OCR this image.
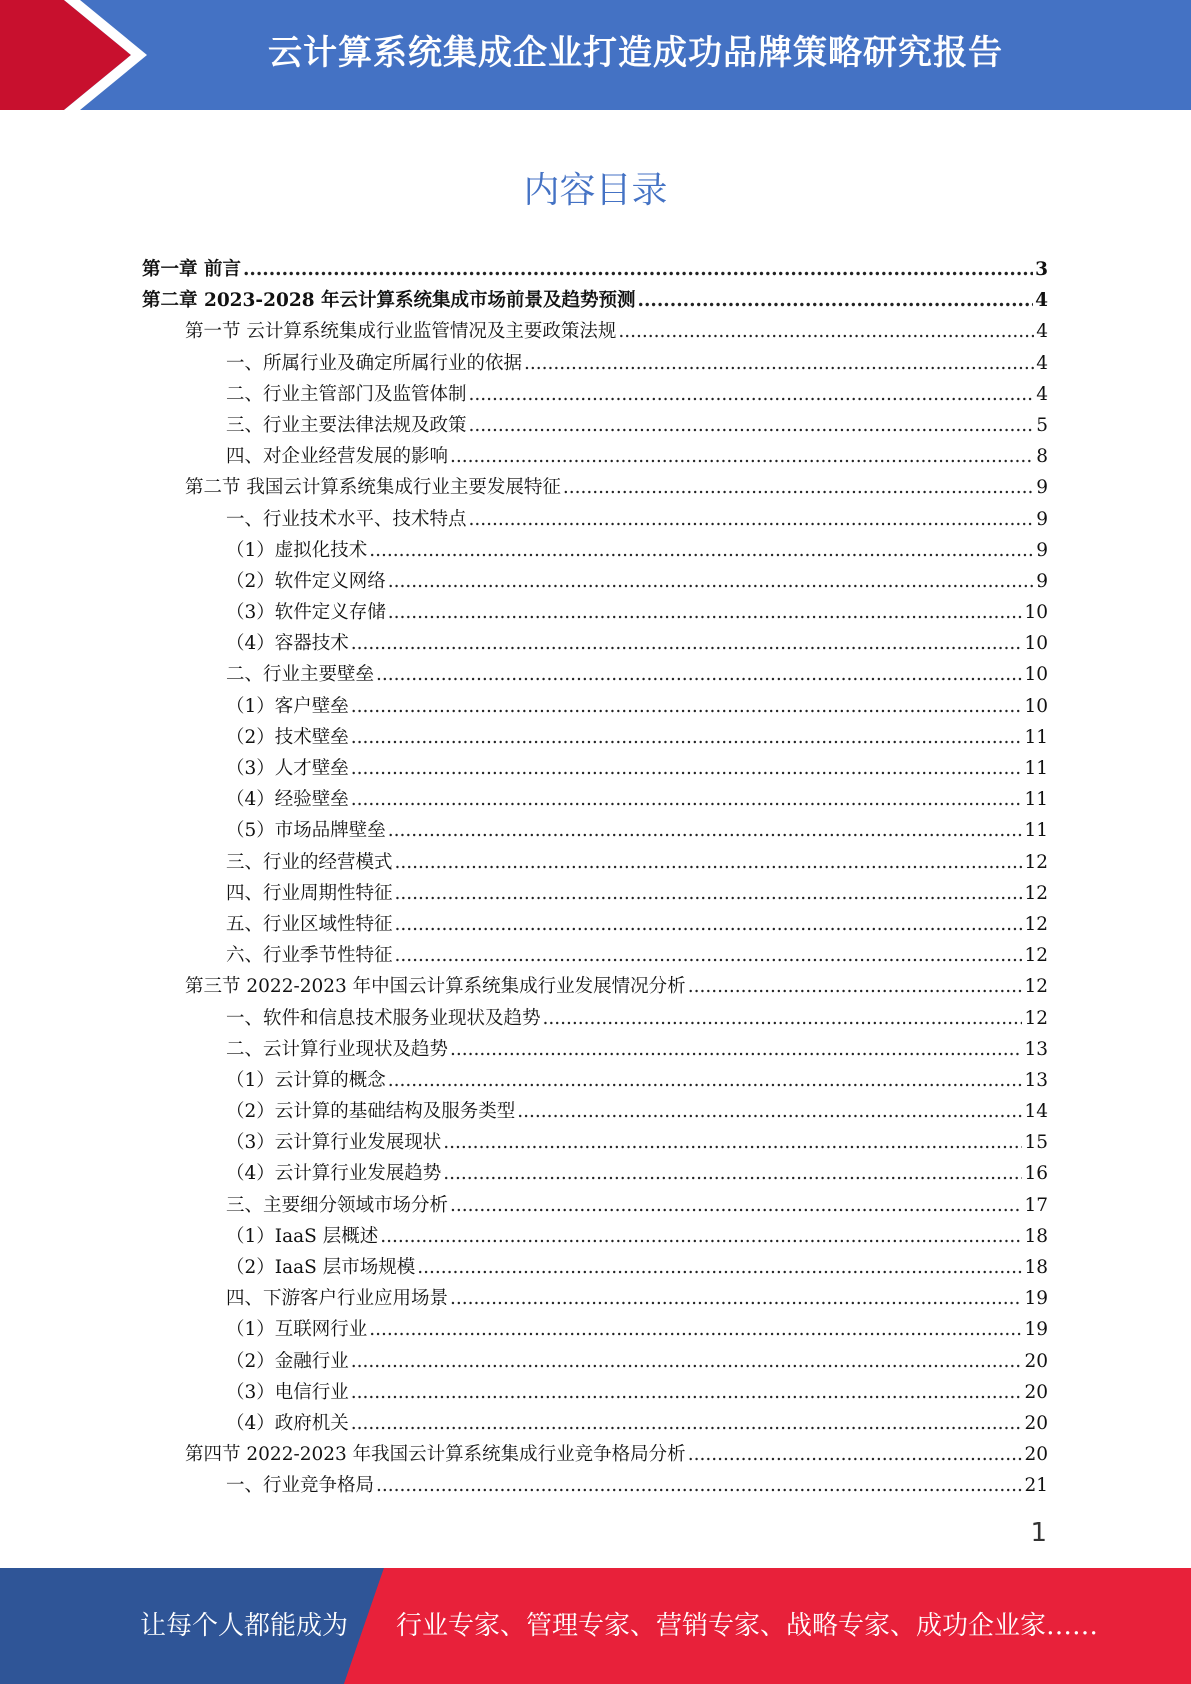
云计算系统集成企业打造成功品牌策略研究报告
内容目录
第一章 前言 .....	3
第二章 2023-2028 年云计算系统集成市场前景及趋势预测 .....	4
第一节 云计算系统集成行业监管情况及主要政策法规 .....	4
一、所属行业及确定所属行业的依据 .....	4
二、行业主管部门及监管体制 .....	4
三、行业主要法律法规及政策 .....	5
四、对企业经营发展的影响 .....	8
第二节 我国云计算系统集成行业主要发展特征 .....	9
一、行业技术水平、技术特点 .....	9
（1）虚拟化技术 .....	9
（2）软件定义网络 .....	9
（3）软件定义存储 .....	10
（4）容器技术 .....	10
二、行业主要壁垒 .....	10
（1）客户壁垒 .....	10
（2）技术壁垒 .....	11
（3）人才壁垒 .....	11
（4）经验壁垒 .....	11
（5）市场品牌壁垒 .....	11
三、行业的经营模式 .....	12
四、行业周期性特征 .....	12
五、行业区域性特征 .....	12
六、行业季节性特征 .....	12
第三节 2022-2023 年中国云计算系统集成行业发展情况分析 .....	12
一、软件和信息技术服务业现状及趋势 .....	12
二、云计算行业现状及趋势 .....	13
（1）云计算的概念 .....	13
（2）云计算的基础结构及服务类型 .....	14
（3）云计算行业发展现状 .....	15
（4）云计算行业发展趋势 .....	16
三、主要细分领域市场分析 .....	17
（1）IaaS 层概述 .....	18
（2）IaaS 层市场规模 .....	18
四、下游客户行业应用场景 .....	19
（1）互联网行业 .....	19
（2）金融行业 .....	20
（3）电信行业 .....	20
（4）政府机关 .....	20
第四节 2022-2023 年我国云计算系统集成行业竞争格局分析 .....	20
一、行业竞争格局 .....	21
1
让每个人都能成为 行业专家、管理专家、营销专家、战略专家、成功企业家……
